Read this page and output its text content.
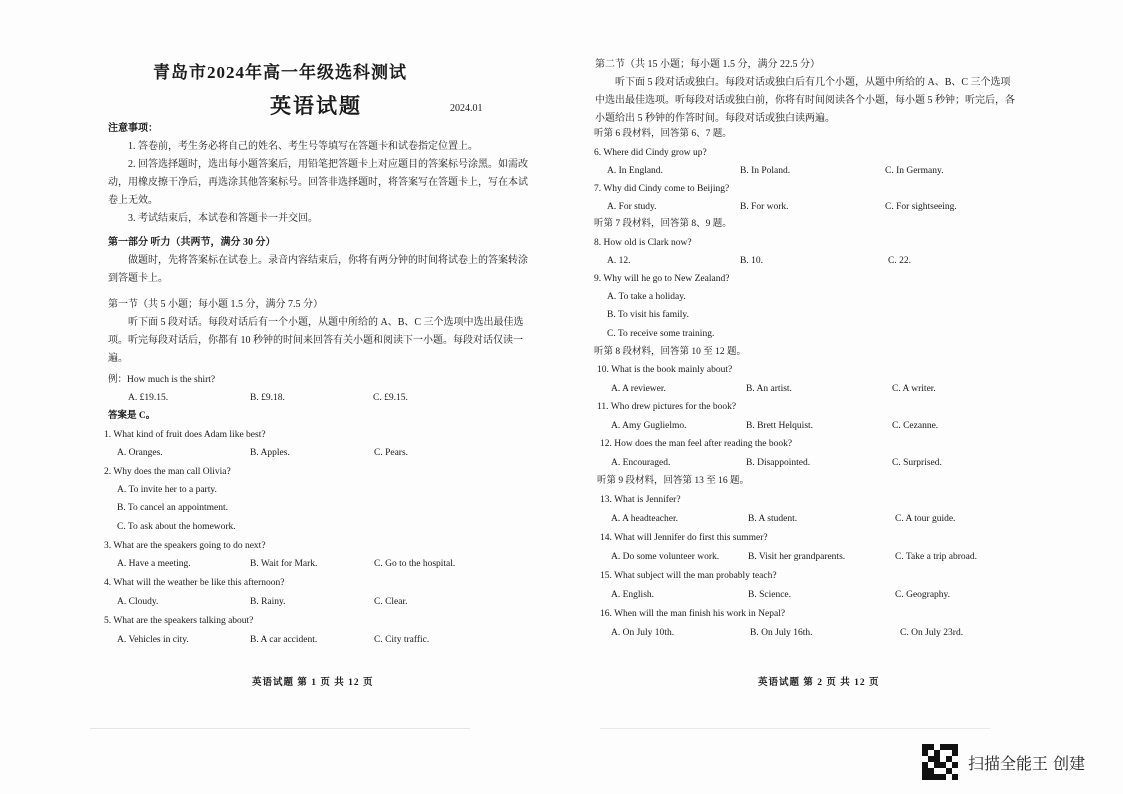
青岛市2024年高一年级选科测试
英语试题	2024.01
注意事项：

1. 答卷前，考生务必将自己的姓名、考生号等填写在答题卡和试卷指定位置上。

2. 回答选择题时，选出每小题答案后，用铅笔把答题卡上对应题目的答案标号涂黑。如需改动，用橡皮擦干净后，再选涂其他答案标号。回答非选择题时，将答案写在答题卡上，写在本试卷上无效。

3. 考试结束后，本试卷和答题卡一并交回。

第一部分 听力（共两节，满分 30 分）

做题时，先将答案标在试卷上。录音内容结束后，你将有两分钟的时间将试卷上的答案转涂到答题卡上。

第一节（共 5 小题；每小题 1.5 分，满分 7.5 分）

听下面 5 段对话。每段对话后有一个小题，从题中所给的 A、B、C 三个选项中选出最佳选项。听完每段对话后，你都有 10 秒钟的时间来回答有关小题和阅读下一小题。每段对话仅读一遍。

例：How much is the shirt?
A. £19.15.	B. £9.18.	C. £9.15.
答案是 C。
1. What kind of fruit does Adam like best?
A. Oranges.	B. Apples.	C. Pears.
2. Why does the man call Olivia?
A. To invite her to a party.
B. To cancel an appointment.
C. To ask about the homework.
3. What are the speakers going to do next?
A. Have a meeting.	B. Wait for Mark.	C. Go to the hospital.
4. What will the weather be like this afternoon?
A. Cloudy.	B. Rainy.	C. Clear.
5. What are the speakers talking about?
A. Vehicles in city.	B. A car accident.	C. City traffic.
英语试题 第 1 页 共 12 页
第二节（共 15 小题；每小题 1.5 分，满分 22.5 分）

听下面 5 段对话或独白。每段对话或独白后有几个小题，从题中所给的 A、B、C 三个选项中选出最佳选项。听每段对话或独白前，你将有时间阅读各个小题，每小题 5 秒钟；听完后，各小题给出 5 秒钟的作答时间。每段对话或独白读两遍。

听第 6 段材料，回答第 6、7 题。
6. Where did Cindy grow up?
A. In England.	B. In Poland.	C. In Germany.
7. Why did Cindy come to Beijing?
A. For study.	B. For work.	C. For sightseeing.
听第 7 段材料，回答第 8、9 题。
8. How old is Clark now?
A. 12.	B. 10.	C. 22.
9. Why will he go to New Zealand?
A. To take a holiday.
B. To visit his family.
C. To receive some training.
听第 8 段材料，回答第 10 至 12 题。
10. What is the book mainly about?
A. A reviewer.	B. An artist.	C. A writer.
11. Who drew pictures for the book?
A. Amy Guglielmo.	B. Brett Helquist.	C. Cezanne.
12. How does the man feel after reading the book?
A. Encouraged.	B. Disappointed.	C. Surprised.
听第 9 段材料，回答第 13 至 16 题。
13. What is Jennifer?
A. A headteacher.	B. A student.	C. A tour guide.
14. What will Jennifer do first this summer?
A. Do some volunteer work.	B. Visit her grandparents.	C. Take a trip abroad.
15. What subject will the man probably teach?
A. English.	B. Science.	C. Geography.
16. When will the man finish his work in Nepal?
A. On July 10th.	B. On July 16th.	C. On July 23rd.
英语试题 第 2 页 共 12 页
扫描全能王 创建
